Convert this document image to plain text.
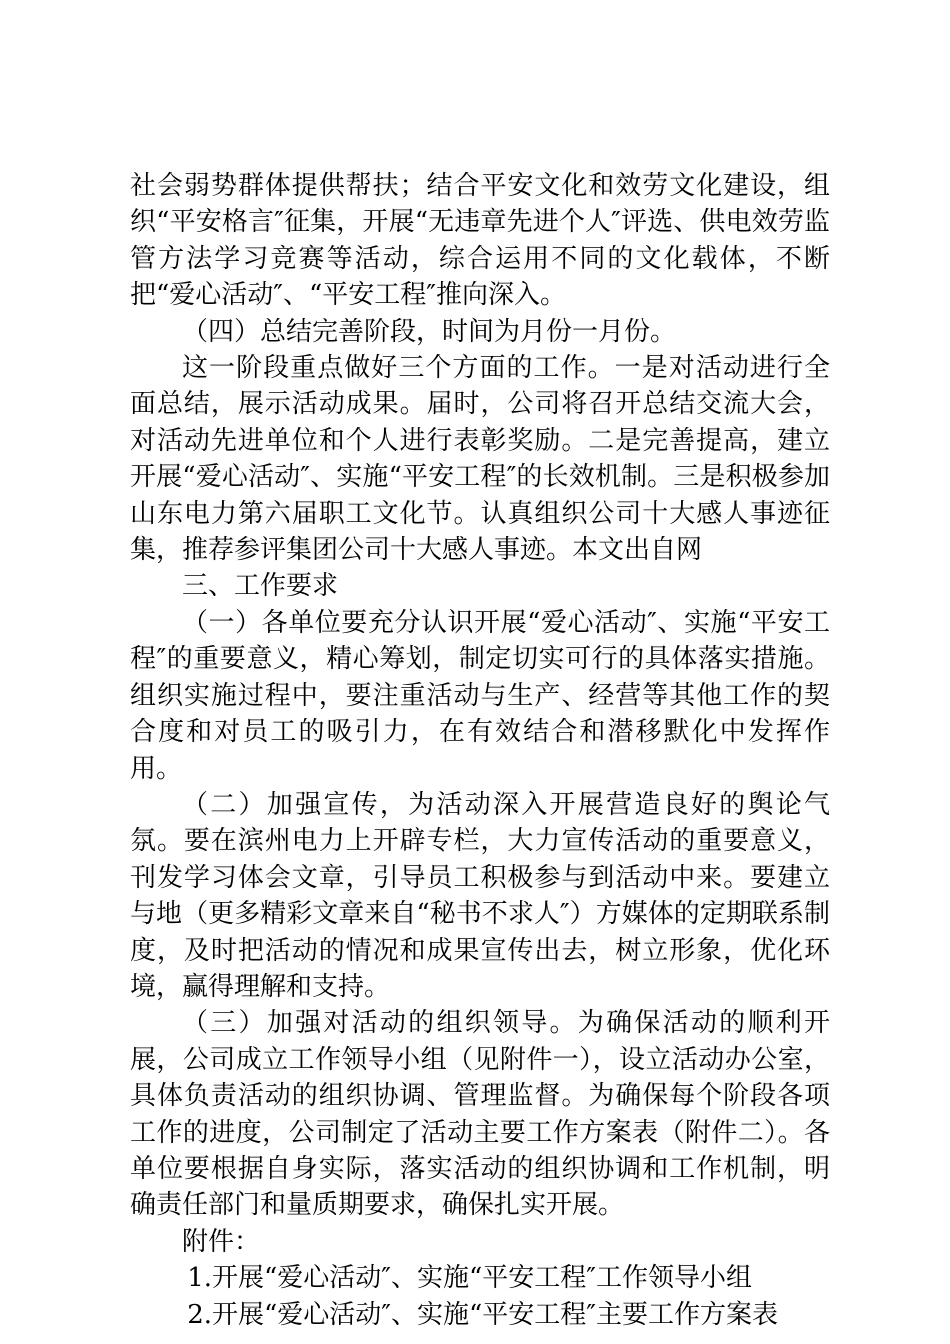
社会弱势群体提供帮扶；结合平安文化和效劳文化建设，组织“平安格言″征集，开展“无违章先进个人″评选、供电效劳监管方法学习竞赛等活动，综合运用不同的文化载体，不断把“爱心活动″、“平安工程″推向深入。

（四）总结完善阶段，时间为月份一月份。

这一阶段重点做好三个方面的工作。一是对活动进行全面总结，展示活动成果。届时，公司将召开总结交流大会，对活动先进单位和个人进行表彰奖励。二是完善提高，建立开展“爱心活动″、实施“平安工程″的长效机制。三是积极参加山东电力第六届职工文化节。认真组织公司十大感人事迹征集，推荐参评集团公司十大感人事迹。本文出自网

三、工作要求

（一）各单位要充分认识开展“爱心活动″、实施“平安工程″的重要意义，精心筹划，制定切实可行的具体落实措施。组织实施过程中，要注重活动与生产、经营等其他工作的契合度和对员工的吸引力，在有效结合和潜移默化中发挥作用。

（二）加强宣传，为活动深入开展营造良好的舆论气氛。要在滨州电力上开辟专栏，大力宣传活动的重要意义，刊发学习体会文章，引导员工积极参与到活动中来。要建立与地（更多精彩文章来自“秘书不求人″）方媒体的定期联系制度，及时把活动的情况和成果宣传出去，树立形象，优化环境，赢得理解和支持。

（三）加强对活动的组织领导。为确保活动的顺利开展，公司成立工作领导小组（见附件一），设立活动办公室，具体负责活动的组织协调、管理监督。为确保每个阶段各项工作的进度，公司制定了活动主要工作方案表（附件二）。各单位要根据自身实际，落实活动的组织协调和工作机制，明确责任部门和量质期要求，确保扎实开展。

附件：

1.开展“爱心活动″、实施“平安工程″工作领导小组

2.开展“爱心活动″、实施“平安工程″主要工作方案表
